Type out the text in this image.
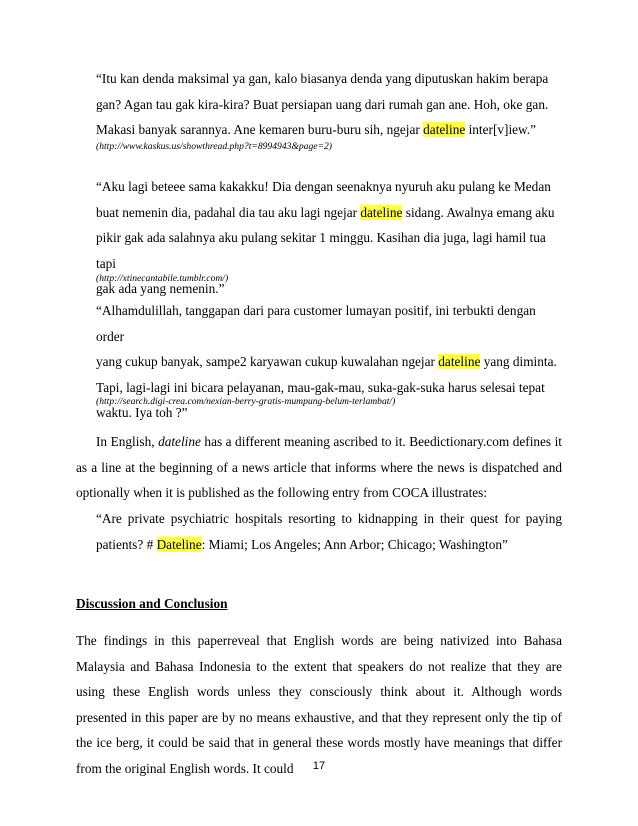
“Itu kan denda maksimal ya gan, kalo biasanya denda yang diputuskan hakim berapa

gan? Agan tau gak kira-kira? Buat persiapan uang dari rumah gan ane. Hoh, oke gan.

Makasi banyak sarannya. Ane kemaren buru-buru sih, ngejar dateline inter[v]iew.”

(http://www.kaskus.us/showthread.php?t=8994943&page=2)

“Aku lagi beteee sama kakakku! Dia dengan seenaknya nyuruh aku pulang ke Medan

buat nemenin dia, padahal dia tau aku lagi ngejar dateline sidang. Awalnya emang aku

pikir gak ada salahnya aku pulang sekitar 1 minggu. Kasihan dia juga, lagi hamil tua tapi

gak ada yang nemenin.”

(http://xtinecantabile.tumblr.com/)

“Alhamdulillah, tanggapan dari para customer lumayan positif, ini terbukti dengan order

yang cukup banyak, sampe2 karyawan cukup kuwalahan ngejar dateline yang diminta.

Tapi, lagi-lagi ini bicara pelayanan, mau-gak-mau, suka-gak-suka harus selesai tepat

waktu. Iya toh ?”

(http://search.digi-crea.com/nexian-berry-gratis-mumpung-belum-terlambat/)

In English, dateline has a different meaning ascribed to it. Beedictionary.com defines it as a line at the beginning of a news article that informs where the news is dispatched and optionally when it is published as the following entry from COCA illustrates:

“Are private psychiatric hospitals resorting to kidnapping in their quest for paying patients? # Dateline: Miami; Los Angeles; Ann Arbor; Chicago; Washington”

Discussion and Conclusion

The findings in this paperreveal that English words are being nativized into Bahasa Malaysia and Bahasa Indonesia to the extent that speakers do not realize that they are using these English words unless they consciously think about it. Although words presented in this paper are by no means exhaustive, and that they represent only the tip of the ice berg, it could be said that in general these words mostly have meanings that differ from the original English words. It could	17
